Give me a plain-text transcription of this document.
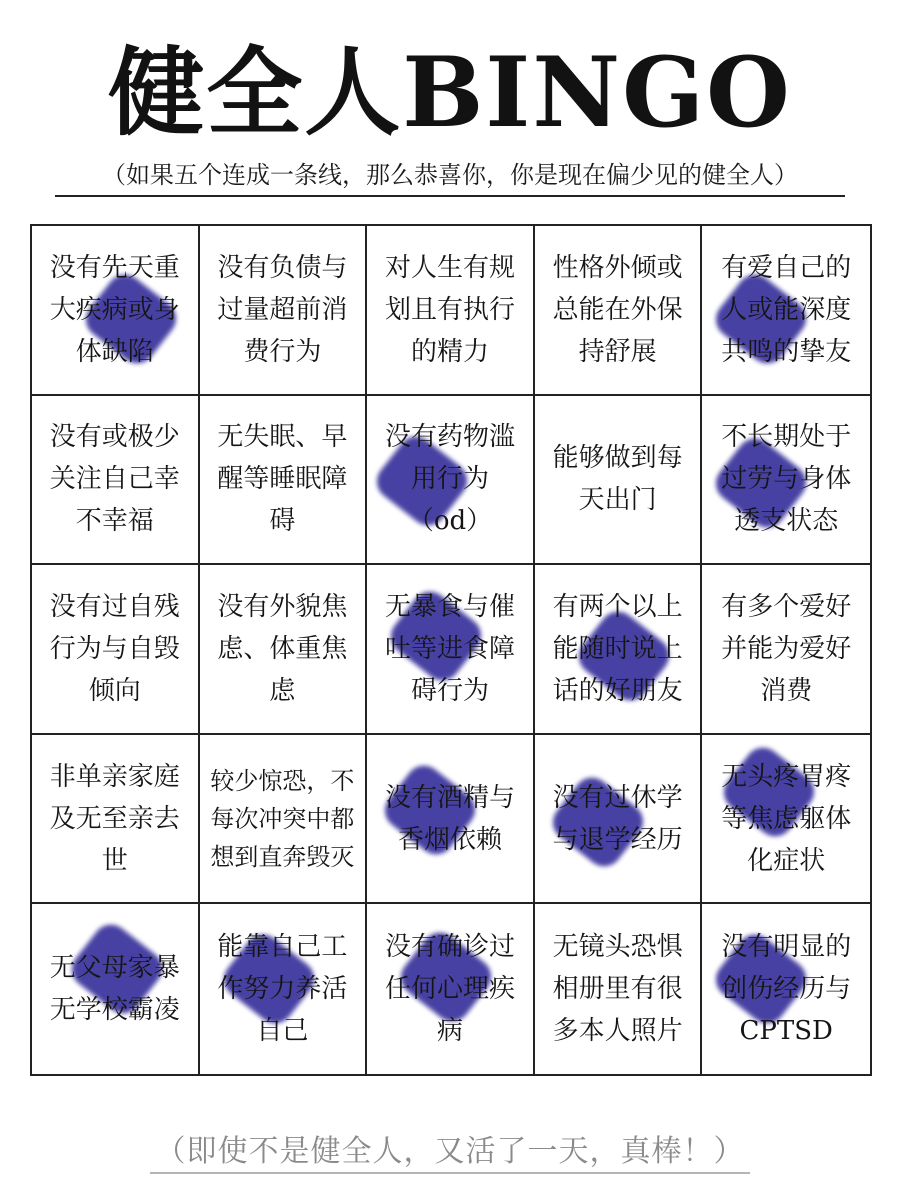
健全人BINGO
（如果五个连成一条线，那么恭喜你，你是现在偏少见的健全人）
没有先天重大疾病或身体缺陷
没有负债与过量超前消费行为
对人生有规划且有执行的精力
性格外倾或总能在外保持舒展
有爱自己的人或能深度共鸣的挚友
没有或极少关注自己幸不幸福
无失眠、早醒等睡眠障碍
没有药物滥用行为（od）
能够做到每天出门
不长期处于过劳与身体透支状态
没有过自残行为与自毁倾向
没有外貌焦虑、体重焦虑
无暴食与催吐等进食障碍行为
有两个以上能随时说上话的好朋友
有多个爱好并能为爱好消费
非单亲家庭及无至亲去世
较少惊恐，不每次冲突中都想到直奔毁灭
没有酒精与香烟依赖
没有过休学与退学经历
无头疼胃疼等焦虑躯体化症状
无父母家暴无学校霸凌
能靠自己工作努力养活自己
没有确诊过任何心理疾病
无镜头恐惧相册里有很多本人照片
没有明显的创伤经历与CPTSD
（即使不是健全人，又活了一天，真棒！）
